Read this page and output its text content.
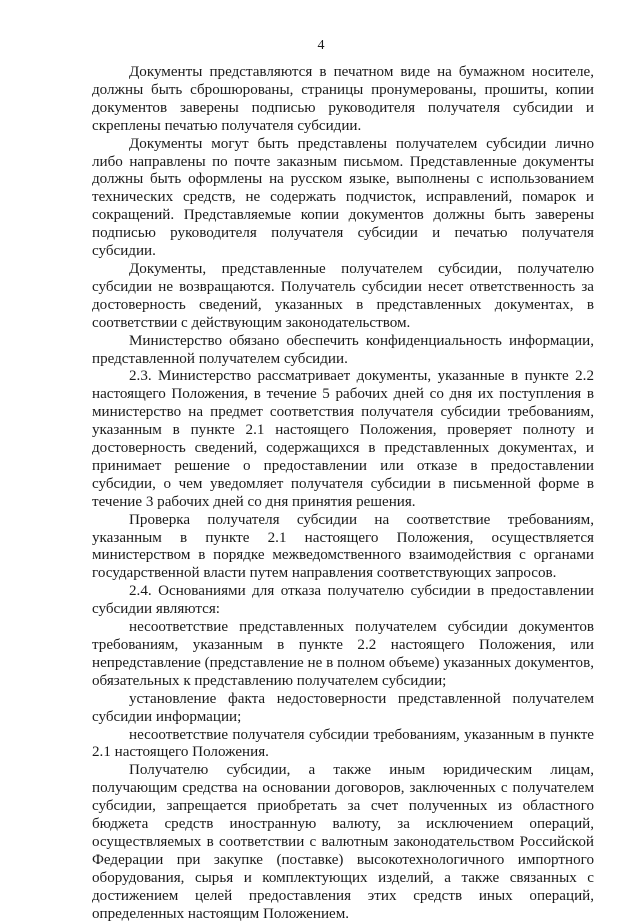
4

Документы представляются в печатном виде на бумажном носителе, должны быть сброшюрованы, страницы пронумерованы, прошиты, копии документов заверены подписью руководителя получателя субсидии и скреплены печатью получателя субсидии.

Документы могут быть представлены получателем субсидии лично либо направлены по почте заказным письмом. Представленные документы должны быть оформлены на русском языке, выполнены с использованием технических средств, не содержать подчисток, исправлений, помарок и сокращений. Представляемые копии документов должны быть заверены подписью руководителя получателя субсидии и печатью получателя субсидии.

Документы, представленные получателем субсидии, получателю субсидии не возвращаются. Получатель субсидии несет ответственность за достоверность сведений, указанных в представленных документах, в соответствии с действующим законодательством.

Министерство обязано обеспечить конфиденциальность информации, представленной получателем субсидии.

2.3. Министерство рассматривает документы, указанные в пункте 2.2 настоящего Положения, в течение 5 рабочих дней со дня их поступления в министерство на предмет соответствия получателя субсидии требованиям, указанным в пункте 2.1 настоящего Положения, проверяет полноту и достоверность сведений, содержащихся в представленных документах, и принимает решение о предоставлении или отказе в предоставлении субсидии, о чем уведомляет получателя субсидии в письменной форме в течение 3 рабочих дней со дня принятия решения.

Проверка получателя субсидии на соответствие требованиям, указанным в пункте 2.1 настоящего Положения, осуществляется министерством в порядке межведомственного взаимодействия с органами государственной власти путем направления соответствующих запросов.

2.4. Основаниями для отказа получателю субсидии в предоставлении субсидии являются:

несоответствие представленных получателем субсидии документов требованиям, указанным в пункте 2.2 настоящего Положения, или непредставление (представление не в полном объеме) указанных документов, обязательных к представлению получателем субсидии;

установление факта недостоверности представленной получателем субсидии информации;

несоответствие получателя субсидии требованиям, указанным в пункте 2.1 настоящего Положения.

Получателю субсидии, а также иным юридическим лицам, получающим средства на основании договоров, заключенных с получателем субсидии, запрещается приобретать за счет полученных из областного бюджета средств иностранную валюту, за исключением операций, осуществляемых в соответствии с валютным законодательством Российской Федерации при закупке (поставке) высокотехнологичного импортного оборудования, сырья и комплектующих изделий, а также связанных с достижением целей предоставления этих средств иных операций, определенных настоящим Положением.
